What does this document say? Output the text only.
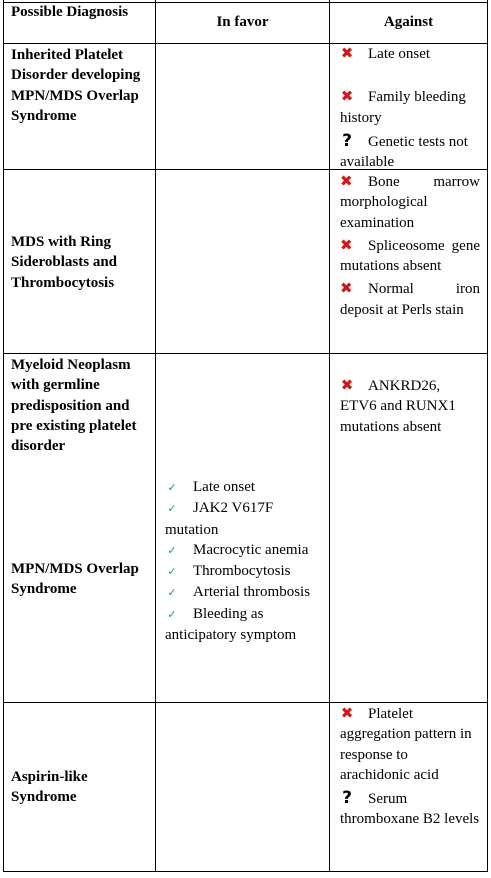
Possible Diagnosis
In favor	Against
Inherited Platelet Disorder developing MPN/MDS Overlap Syndrome
✖ Late onset
✖ Family bleeding history
? Genetic tests not available
MDS with Ring Sideroblasts and Thrombocytosis
✖ Bone marrow morphological examination
✖ Spliceosome gene mutations absent
✖ Normal iron deposit at Perls stain
Myeloid Neoplasm with germline predisposition and pre existing platelet disorder
MPN/MDS Overlap Syndrome
✓ Late onset
✓ JAK2 V617F mutation
✓ Macrocytic anemia
✓ Thrombocytosis
✓ Arterial thrombosis
✓ Bleeding as anticipatory symptom
✖ ANKRD26, ETV6 and RUNX1 mutations absent
Aspirin-like Syndrome
✖ Platelet aggregation pattern in response to arachidonic acid
? Serum thromboxane B2 levels
